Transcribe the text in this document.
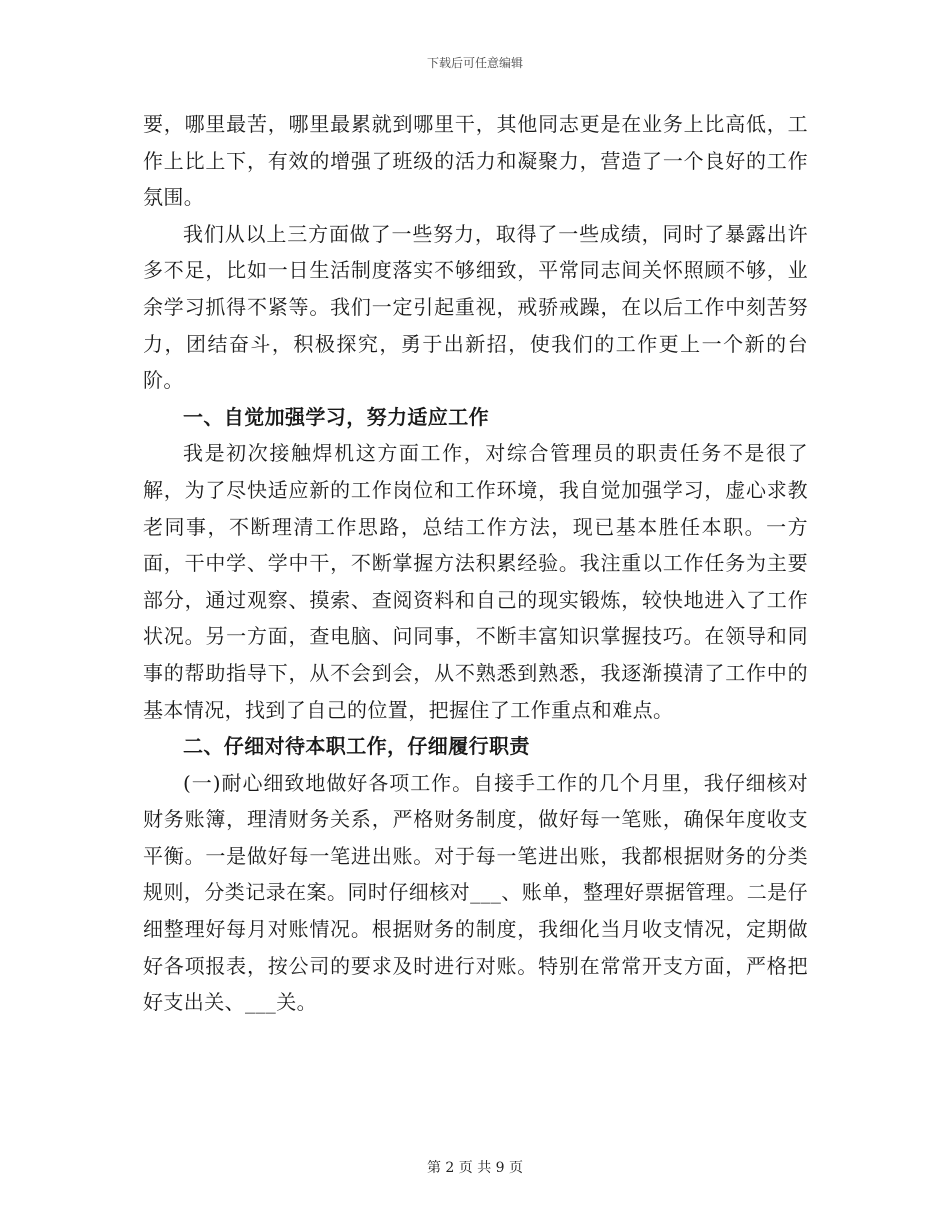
下载后可任意编辑

要，哪里最苦，哪里最累就到哪里干，其他同志更是在业务上比高低，工作上比上下，有效的增强了班级的活力和凝聚力，营造了一个良好的工作氛围。

我们从以上三方面做了一些努力，取得了一些成绩，同时了暴露出许多不足，比如一日生活制度落实不够细致，平常同志间关怀照顾不够，业余学习抓得不紧等。我们一定引起重视，戒骄戒躁，在以后工作中刻苦努力，团结奋斗，积极探究，勇于出新招，使我们的工作更上一个新的台阶。

一、自觉加强学习，努力适应工作

我是初次接触焊机这方面工作，对综合管理员的职责任务不是很了解，为了尽快适应新的工作岗位和工作环境，我自觉加强学习，虚心求教老同事，不断理清工作思路，总结工作方法，现已基本胜任本职。一方面，干中学、学中干，不断掌握方法积累经验。我注重以工作任务为主要部分，通过观察、摸索、查阅资料和自己的现实锻炼，较快地进入了工作状况。另一方面，查电脑、问同事，不断丰富知识掌握技巧。在领导和同事的帮助指导下，从不会到会，从不熟悉到熟悉，我逐渐摸清了工作中的基本情况，找到了自己的位置，把握住了工作重点和难点。

二、仔细对待本职工作，仔细履行职责

(一)耐心细致地做好各项工作。自接手工作的几个月里，我仔细核对财务账簿，理清财务关系，严格财务制度，做好每一笔账，确保年度收支平衡。一是做好每一笔进出账。对于每一笔进出账，我都根据财务的分类规则，分类记录在案。同时仔细核对___、账单，整理好票据管理。二是仔细整理好每月对账情况。根据财务的制度，我细化当月收支情况，定期做好各项报表，按公司的要求及时进行对账。特别在常常开支方面，严格把好支出关、___关。

第 2 页 共 9 页
